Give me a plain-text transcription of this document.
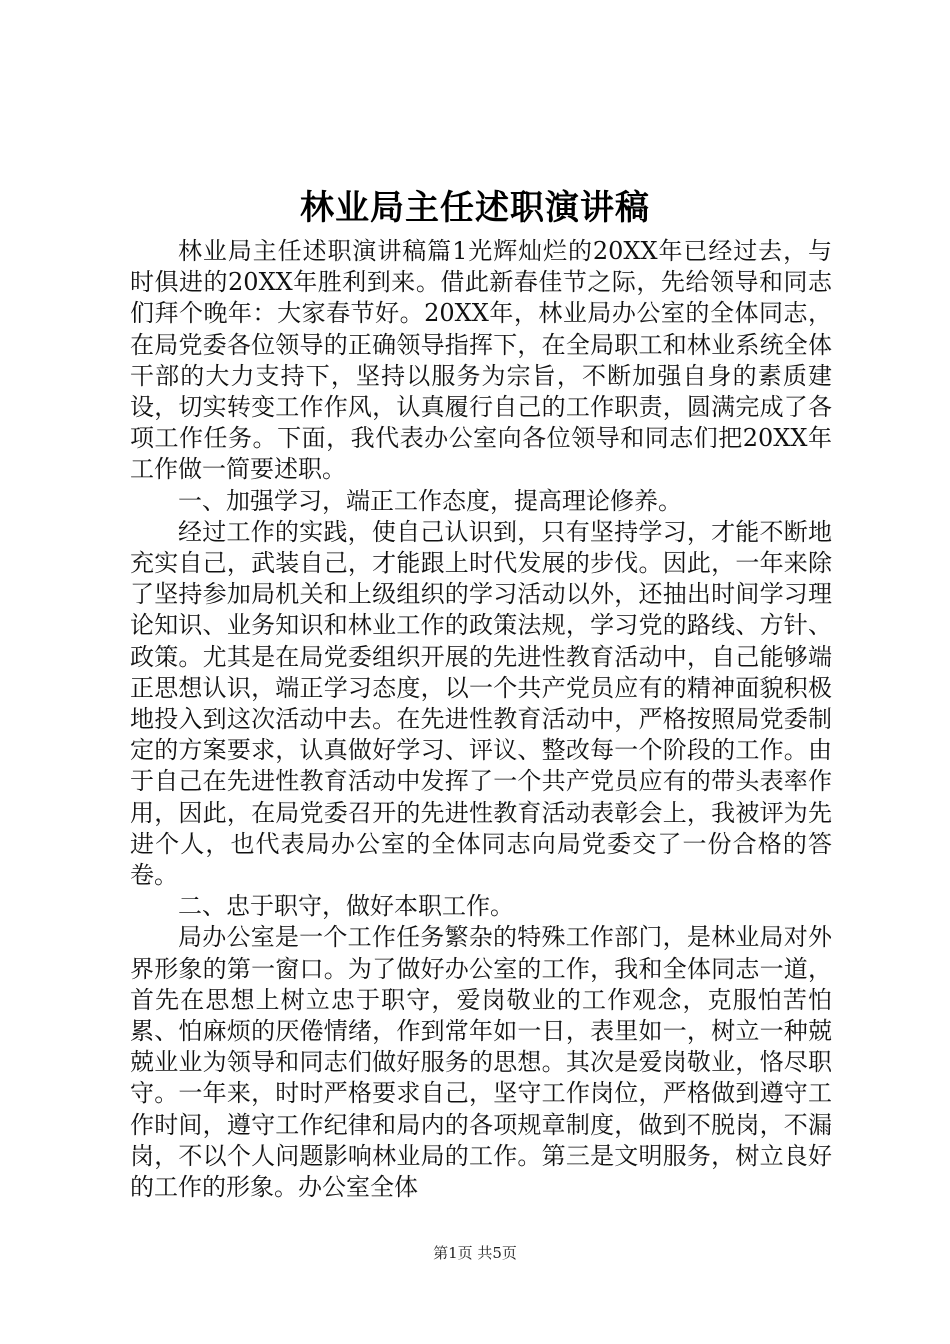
林业局主任述职演讲稿

林业局主任述职演讲稿篇1光辉灿烂的20XX年已经过去，与时俱进的20XX年胜利到来。借此新春佳节之际，先给领导和同志们拜个晚年：大家春节好。20XX年，林业局办公室的全体同志，在局党委各位领导的正确领导指挥下，在全局职工和林业系统全体干部的大力支持下，坚持以服务为宗旨，不断加强自身的素质建设，切实转变工作作风，认真履行自己的工作职责，圆满完成了各项工作任务。下面，我代表办公室向各位领导和同志们把20XX年工作做一简要述职。

一、加强学习，端正工作态度，提高理论修养。

经过工作的实践，使自己认识到，只有坚持学习，才能不断地充实自己，武装自己，才能跟上时代发展的步伐。因此，一年来除了坚持参加局机关和上级组织的学习活动以外，还抽出时间学习理论知识、业务知识和林业工作的政策法规，学习党的路线、方针、政策。尤其是在局党委组织开展的先进性教育活动中，自己能够端正思想认识，端正学习态度，以一个共产党员应有的精神面貌积极地投入到这次活动中去。在先进性教育活动中，严格按照局党委制定的方案要求，认真做好学习、评议、整改每一个阶段的工作。由于自己在先进性教育活动中发挥了一个共产党员应有的带头表率作用，因此，在局党委召开的先进性教育活动表彰会上，我被评为先进个人，也代表局办公室的全体同志向局党委交了一份合格的答卷。

二、忠于职守，做好本职工作。

局办公室是一个工作任务繁杂的特殊工作部门，是林业局对外界形象的第一窗口。为了做好办公室的工作，我和全体同志一道，首先在思想上树立忠于职守，爱岗敬业的工作观念，克服怕苦怕累、怕麻烦的厌倦情绪，作到常年如一日，表里如一，树立一种兢兢业业为领导和同志们做好服务的思想。其次是爱岗敬业，恪尽职守。一年来，时时严格要求自己，坚守工作岗位，严格做到遵守工作时间，遵守工作纪律和局内的各项规章制度，做到不脱岗，不漏岗，不以个人问题影响林业局的工作。第三是文明服务，树立良好的工作的形象。办公室全体

第1页 共5页
